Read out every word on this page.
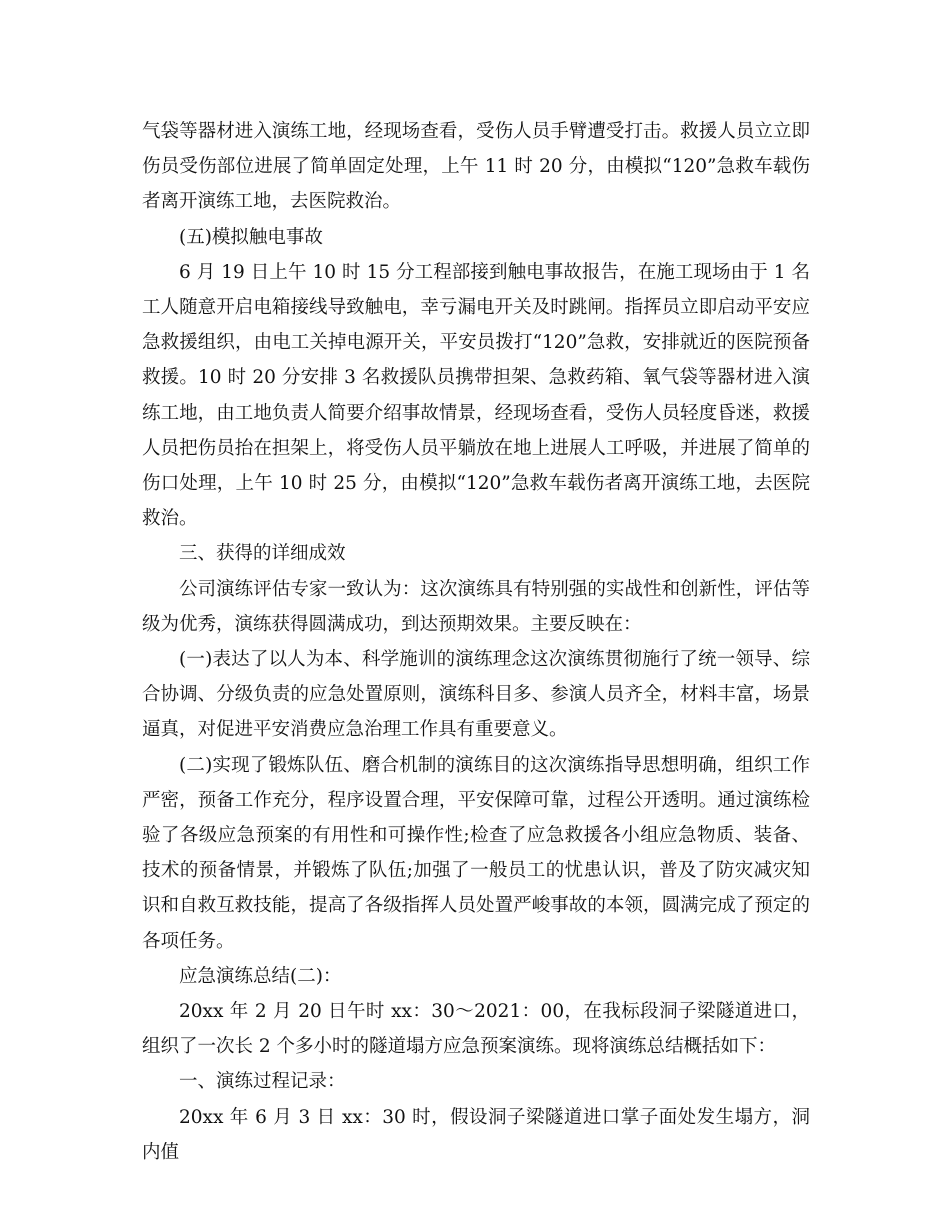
气袋等器材进入演练工地，经现场查看，受伤人员手臂遭受打击。救援人员立立即伤员受伤部位进展了简单固定处理，上午 11 时 20 分，由模拟“120”急救车载伤者离开演练工地，去医院救治。

(五)模拟触电事故

6 月 19 日上午 10 时 15 分工程部接到触电事故报告，在施工现场由于 1 名工人随意开启电箱接线导致触电，幸亏漏电开关及时跳闸。指挥员立即启动平安应急救援组织，由电工关掉电源开关，平安员拨打“120”急救，安排就近的医院预备救援。10 时 20 分安排 3 名救援队员携带担架、急救药箱、氧气袋等器材进入演练工地，由工地负责人简要介绍事故情景，经现场查看，受伤人员轻度昏迷，救援人员把伤员抬在担架上，将受伤人员平躺放在地上进展人工呼吸，并进展了简单的伤口处理，上午 10 时 25 分，由模拟“120”急救车载伤者离开演练工地，去医院救治。

三、获得的详细成效

公司演练评估专家一致认为：这次演练具有特别强的实战性和创新性，评估等级为优秀，演练获得圆满成功，到达预期效果。主要反映在：

(一)表达了以人为本、科学施训的演练理念这次演练贯彻施行了统一领导、综合协调、分级负责的应急处置原则，演练科目多、参演人员齐全，材料丰富，场景逼真，对促进平安消费应急治理工作具有重要意义。

(二)实现了锻炼队伍、磨合机制的演练目的这次演练指导思想明确，组织工作严密，预备工作充分，程序设置合理，平安保障可靠，过程公开透明。通过演练检验了各级应急预案的有用性和可操作性;检查了应急救援各小组应急物质、装备、技术的预备情景，并锻炼了队伍;加强了一般员工的忧患认识，普及了防灾减灾知识和自救互救技能，提高了各级指挥人员处置严峻事故的本领，圆满完成了预定的各项任务。

应急演练总结(二)：

20xx 年 2 月 20 日午时 xx：30～2021：00，在我标段洞子梁隧道进口，组织了一次长 2 个多小时的隧道塌方应急预案演练。现将演练总结概括如下：

一、演练过程记录：

20xx 年 6 月 3 日 xx：30 时，假设洞子梁隧道进口掌子面处发生塌方，洞内值
